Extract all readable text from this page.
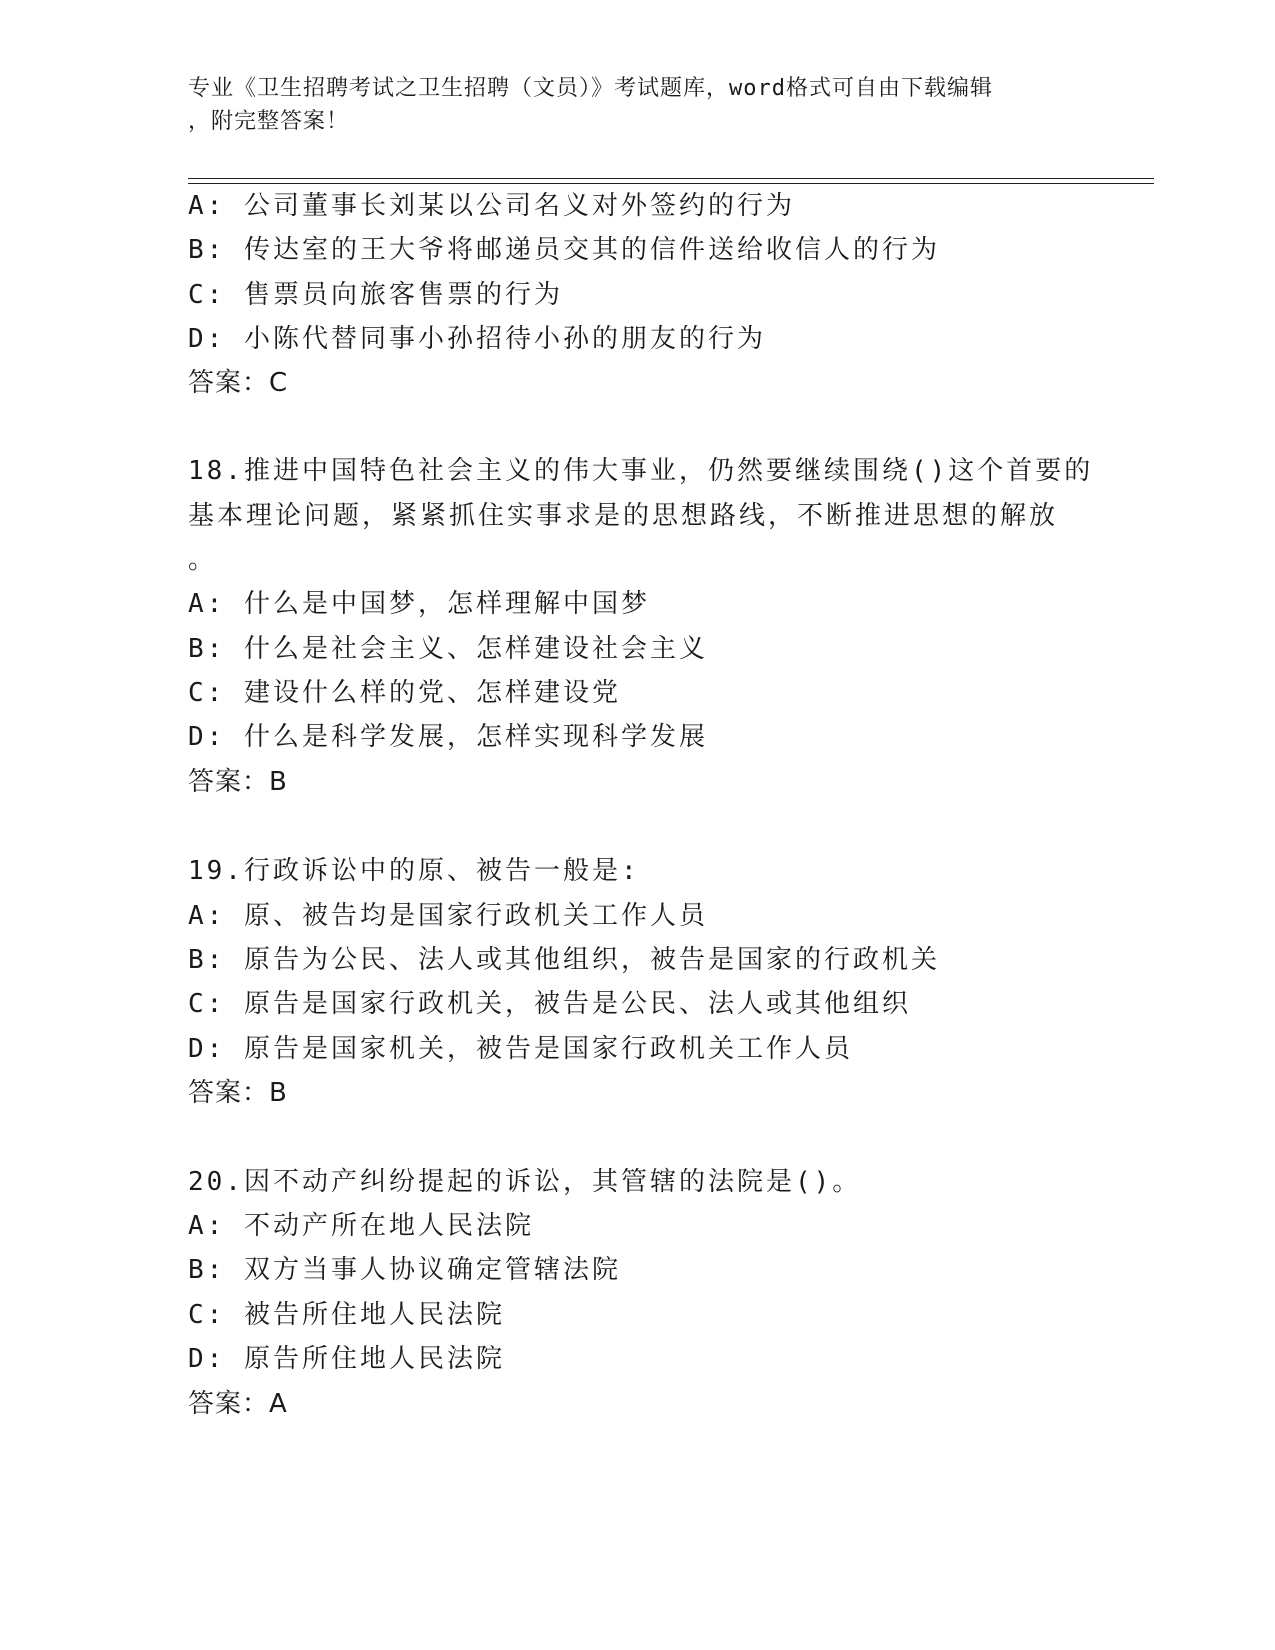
专业《卫生招聘考试之卫生招聘（文员）》考试题库，word格式可自由下载编辑
，附完整答案！
A: 公司董事长刘某以公司名义对外签约的行为
B: 传达室的王大爷将邮递员交其的信件送给收信人的行为
C: 售票员向旅客售票的行为
D: 小陈代替同事小孙招待小孙的朋友的行为
答案：C
18.推进中国特色社会主义的伟大事业，仍然要继续围绕()这个首要的
基本理论问题，紧紧抓住实事求是的思想路线，不断推进思想的解放
。
A: 什么是中国梦，怎样理解中国梦
B: 什么是社会主义、怎样建设社会主义
C: 建设什么样的党、怎样建设党
D: 什么是科学发展，怎样实现科学发展
答案：B
19.行政诉讼中的原、被告一般是:
A: 原、被告均是国家行政机关工作人员
B: 原告为公民、法人或其他组织，被告是国家的行政机关
C: 原告是国家行政机关，被告是公民、法人或其他组织
D: 原告是国家机关，被告是国家行政机关工作人员
答案：B
20.因不动产纠纷提起的诉讼，其管辖的法院是()。
A: 不动产所在地人民法院
B: 双方当事人协议确定管辖法院
C: 被告所住地人民法院
D: 原告所住地人民法院
答案：A
